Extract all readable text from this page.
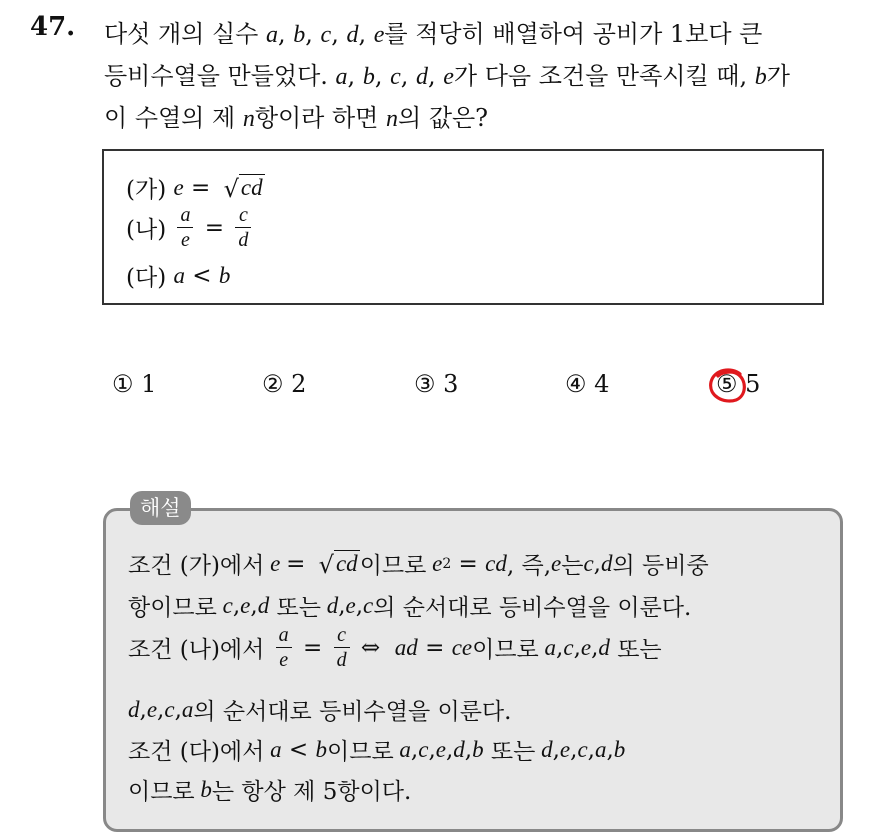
47. 다섯 개의 실수 a, b, c, d, e를 적당히 배열하여 공비가 1보다 큰
등비수열을 만들었다. a, b, c, d, e가 다음 조건을 만족시킬 때, b가
이 수열의 제 n항이라 하면 n의 값은?
(가)
e = √ cd
(나)
$\frac{a}{e} = \frac{c}{d}$
(다)
a < b
① 1	② 2	③ 3	④ 4	⑤ 5
해설
조건 (가)에서 e = √ cd 이므로 e 2 = cd , 즉, e 는 c , d 의 등비중
항이므로 c , e , d 또는 d , e , c 의 순서대로 등비수열을 이룬다.
조건 (나)에서 $\frac{a}{e} = \frac{c}{d}$ ⇔ ad = ce 이므로 a , c , e , d 또는
d , e , c , a 의 순서대로 등비수열을 이룬다.
조건 (다)에서 a < b 이므로 a , c , e , d , b 또는 d , e , c , a , b
이므로 b 는 항상 제 5항이다.
